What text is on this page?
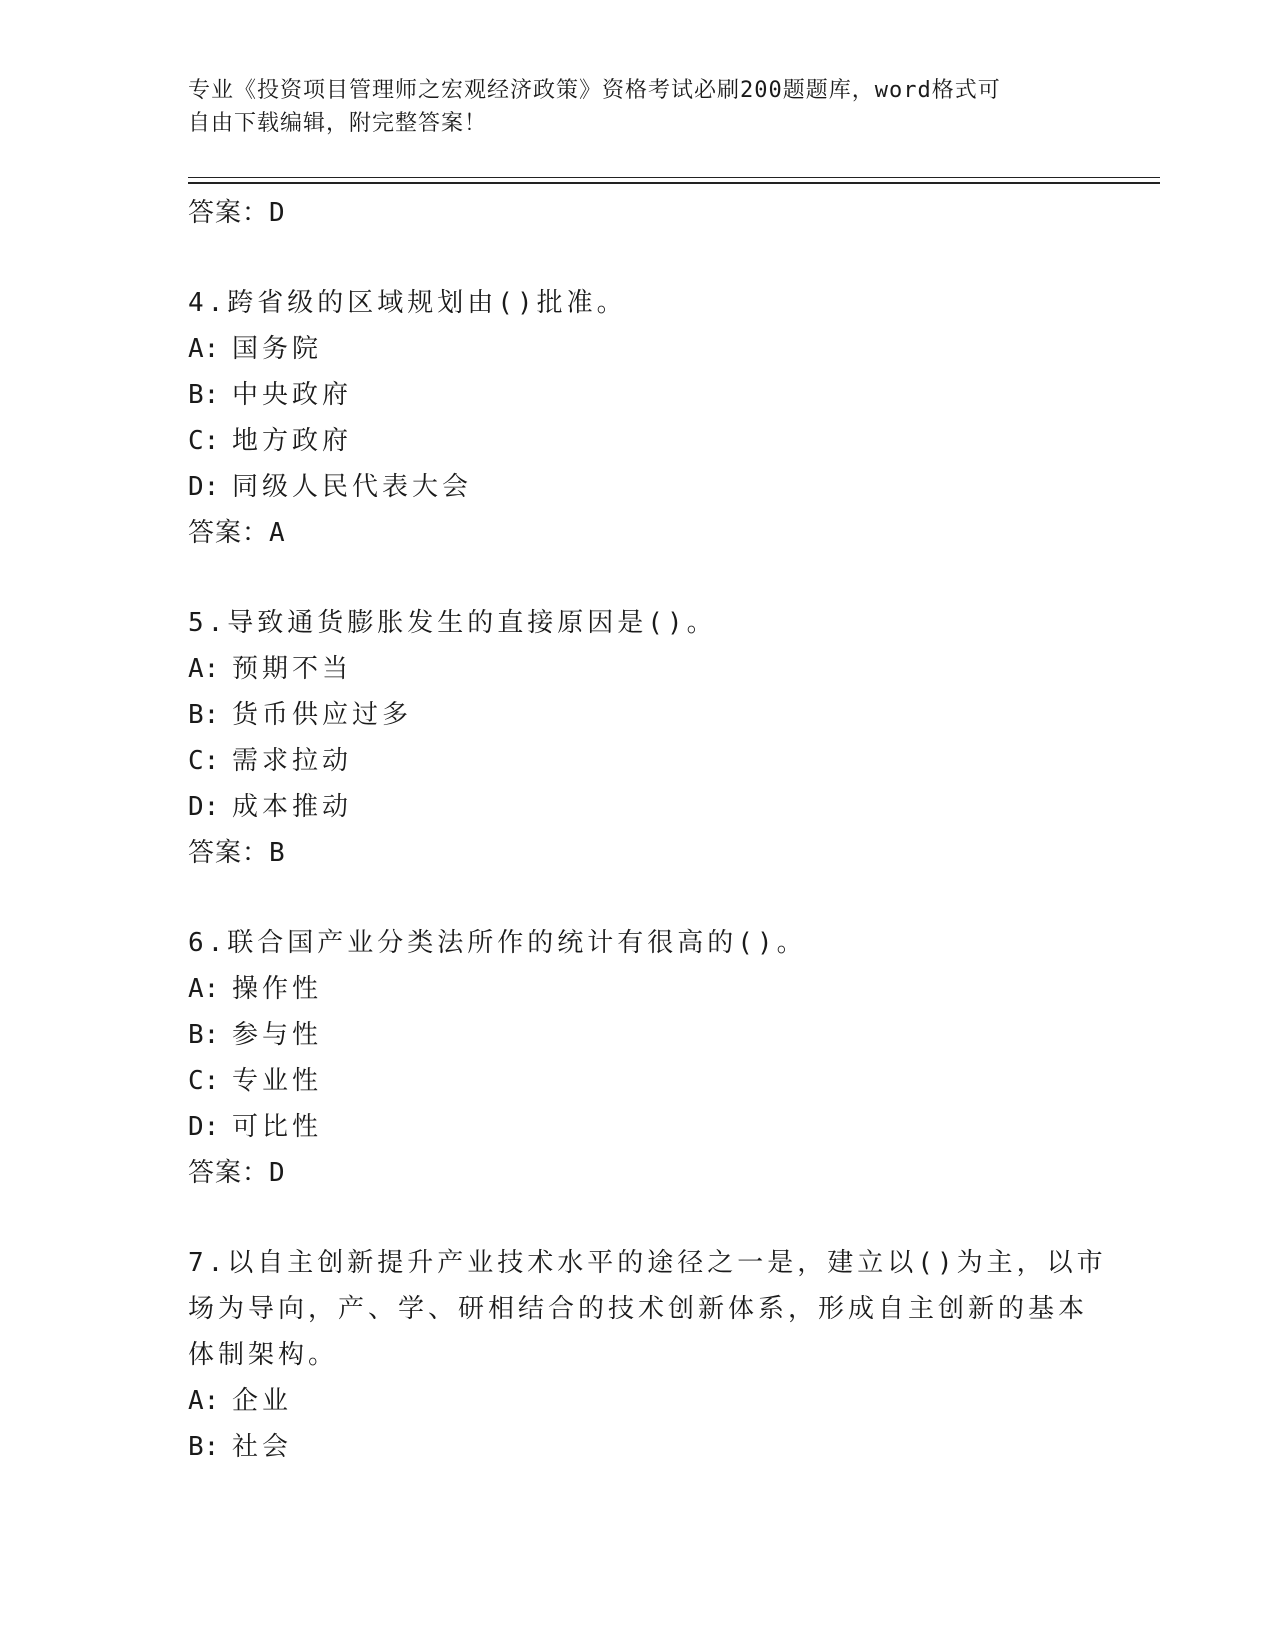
专业《投资项目管理师之宏观经济政策》资格考试必刷200题题库，word格式可
自由下载编辑，附完整答案！
答案：D
4.跨省级的区域规划由()批准。
A: 国务院
B: 中央政府
C: 地方政府
D: 同级人民代表大会
答案：A
5.导致通货膨胀发生的直接原因是()。
A: 预期不当
B: 货币供应过多
C: 需求拉动
D: 成本推动
答案：B
6.联合国产业分类法所作的统计有很高的()。
A: 操作性
B: 参与性
C: 专业性
D: 可比性
答案：D
7.以自主创新提升产业技术水平的途径之一是，建立以()为主，以市
场为导向，产、学、研相结合的技术创新体系，形成自主创新的基本
体制架构。
A: 企业
B: 社会
